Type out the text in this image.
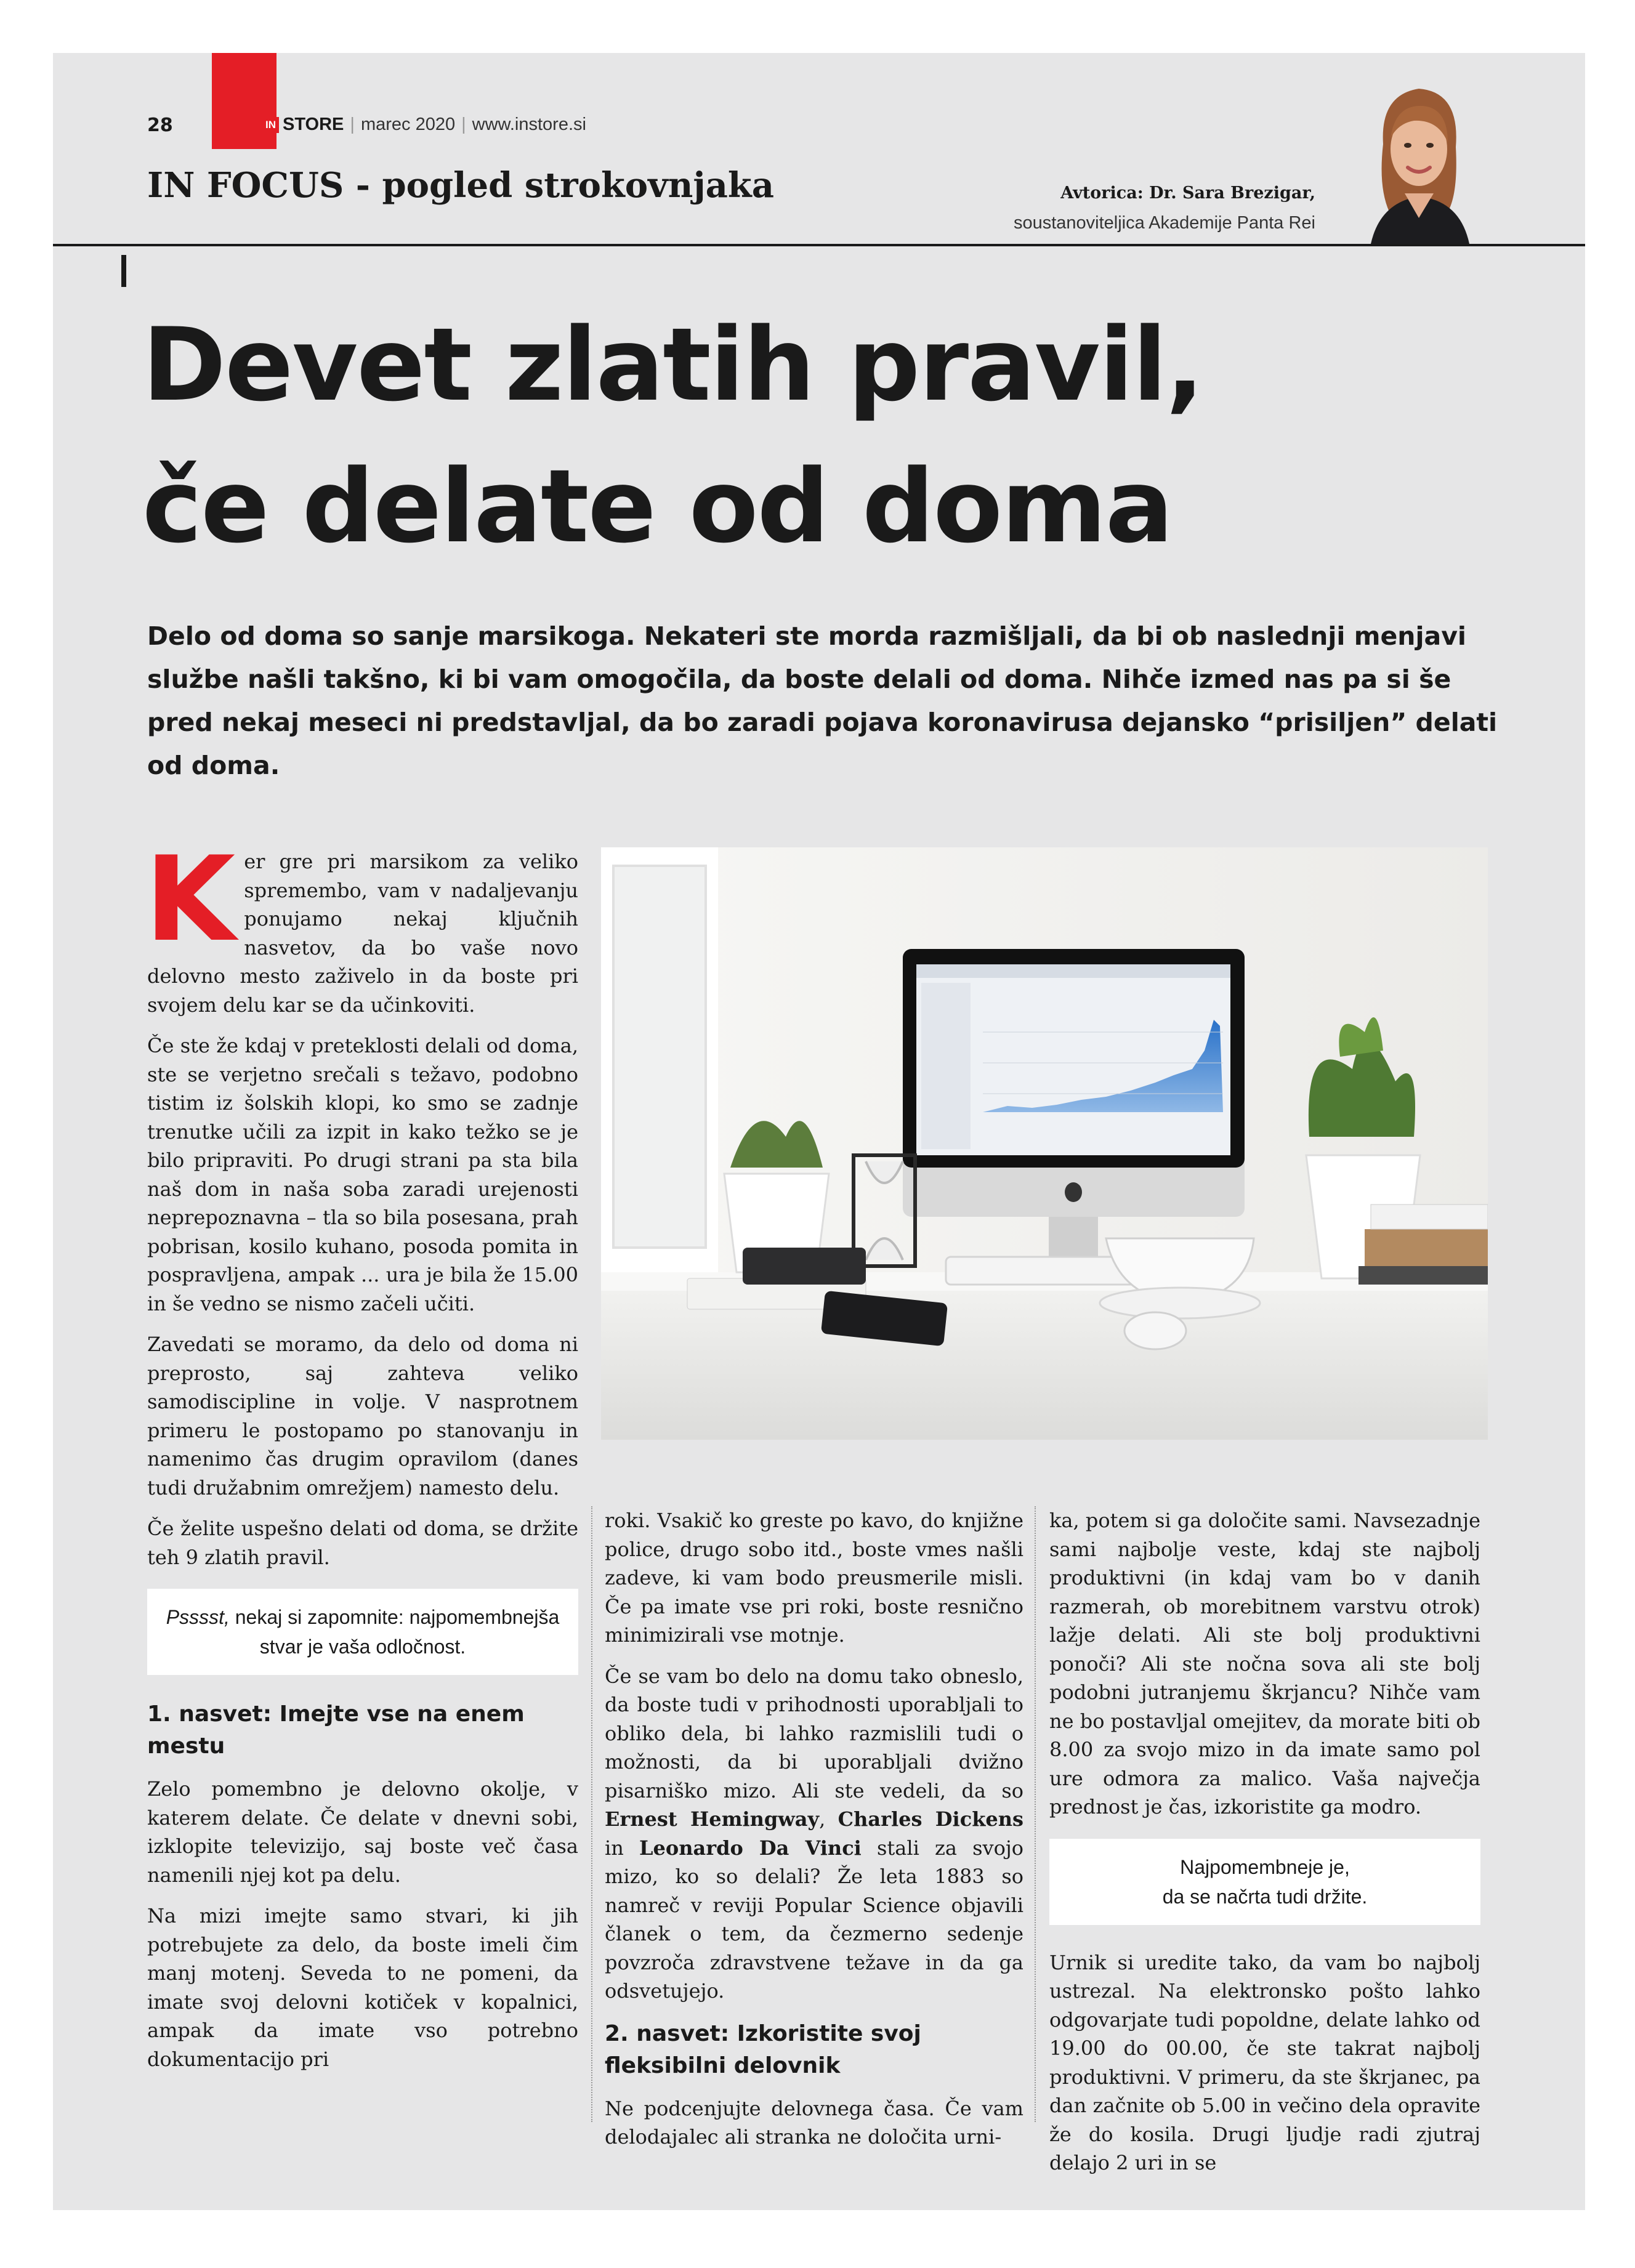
28	IN STORE | marec 2020 | www.instore.si
IN FOCUS - pogled strokovnjaka	Avtorica: Dr. Sara Brezigar,
soustanoviteljica Akademije Panta Rei
Devet zlatih pravil,
če delate od doma
Delo od doma so sanje marsikoga. Nekateri ste morda razmišljali, da bi ob naslednji menjavi službe našli takšno, ki bi vam omogočila, da boste delali od doma. Nihče izmed nas pa si še pred nekaj meseci ni predstavljal, da bo zaradi pojava koronavirusa dejansko “prisiljen” delati od doma.

Ker gre pri marsikom za veliko spremembo, vam v nadaljevanju ponujamo nekaj ključnih nasvetov, da bo vaše novo delovno mesto zaživelo in da boste pri svojem delu kar se da učinkoviti.

Če ste že kdaj v preteklosti delali od doma, ste se verjetno srečali s težavo, podobno tistim iz šolskih klopi, ko smo se zadnje trenutke učili za izpit in kako težko se je bilo pripraviti. Po drugi strani pa sta bila naš dom in naša soba zaradi urejenosti neprepoznavna – tla so bila posesana, prah pobrisan, kosilo kuhano, posoda pomita in pospravljena, ampak ... ura je bila že 15.00 in še vedno se nismo začeli učiti.

Zavedati se moramo, da delo od doma ni preprosto, saj zahteva veliko samodiscipline in volje. V nasprotnem primeru le postopamo po stanovanju in namenimo čas drugim opravilom (danes tudi družabnim omrežjem) namesto delu.

Če želite uspešno delati od doma, se držite teh 9 zlatih pravil.

Psssst, nekaj si zapomnite: najpomembnejša stvar je vaša odločnost.
1. nasvet: Imejte vse na enem mestu

Zelo pomembno je delovno okolje, v katerem delate. Če delate v dnevni sobi, izklopite televizijo, saj boste več časa namenili njej kot pa delu.

Na mizi imejte samo stvari, ki jih potrebujete za delo, da boste imeli čim manj motenj. Seveda to ne pomeni, da imate svoj delovni kotiček v kopalnici, ampak da imate vso potrebno dokumentacijo pri

roki. Vsakič ko greste po kavo, do knjižne police, drugo sobo itd., boste vmes našli zadeve, ki vam bodo preusmerile misli. Če pa imate vse pri roki, boste resnično minimizirali vse motnje.

Če se vam bo delo na domu tako obneslo, da boste tudi v prihodnosti uporabljali to obliko dela, bi lahko razmislili tudi o možnosti, da bi uporabljali dvižno pisarniško mizo. Ali ste vedeli, da so Ernest Hemingway, Charles Dickens in Leonardo Da Vinci stali za svojo mizo, ko so delali? Že leta 1883 so namreč v reviji Popular Science objavili članek o tem, da čezmerno sedenje povzroča zdravstvene težave in da ga odsvetujejo.

2. nasvet: Izkoristite svoj fleksibilni delovnik

Ne podcenjujte delovnega časa. Če vam delodajalec ali stranka ne določita urni-

ka, potem si ga določite sami. Navsezadnje sami najbolje veste, kdaj ste najbolj produktivni (in kdaj vam bo v danih razmerah, ob morebitnem varstvu otrok) lažje delati. Ali ste bolj produktivni ponoči? Ali ste nočna sova ali ste bolj podobni jutranjemu škrjancu? Nihče vam ne bo postavljal omejitev, da morate biti ob 8.00 za svojo mizo in da imate samo pol ure odmora za malico. Vaša največja prednost je čas, izkoristite ga modro.

Najpomembneje je,
da se načrta tudi držite.

Urnik si uredite tako, da vam bo najbolj ustrezal. Na elektronsko pošto lahko odgovarjate tudi popoldne, delate lahko od 19.00 do 00.00, če ste takrat najbolj produktivni. V primeru, da ste škrjanec, pa dan začnite ob 5.00 in večino dela opravite že do kosila. Drugi ljudje radi zjutraj delajo 2 uri in se
